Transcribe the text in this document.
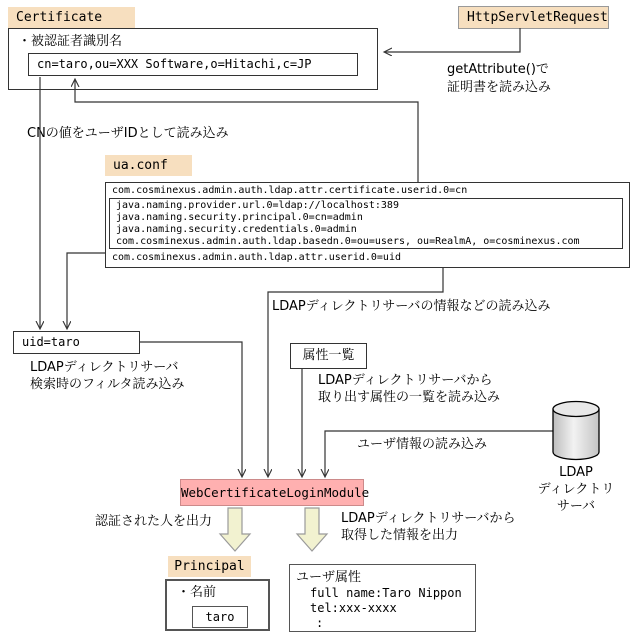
Certificate
・被認証者識別名
cn=taro,ou=XXX Software,o=Hitachi,c=JP
HttpServletRequest
getAttribute()で
証明書を読み込み
CNの値をユーザIDとして読み込み
ua.conf
com.cosminexus.admin.auth.ldap.attr.certificate.userid.0=cn
java.naming.provider.url.0=ldap://localhost:389
java.naming.security.principal.0=cn=admin
java.naming.security.credentials.0=admin
com.cosminexus.admin.auth.ldap.basedn.0=ou=users, ou=RealmA, o=cosminexus.com
com.cosminexus.admin.auth.ldap.attr.userid.0=uid
uid=taro
LDAPディレクトリサーバ
検索時のフィルタ読み込み
LDAPディレクトリサーバの情報などの読み込み
属性一覧
LDAPディレクトリサーバから
取り出す属性の一覧を読み込み
ユーザ情報の読み込み
LDAP
ディレクトリ
サーバ
WebCertificateLoginModule
認証された人を出力	LDAPディレクトリサーバから
取得した情報を出力
Principal
・名前
taro
ユーザ属性
full name:Taro Nippon
tel:xxx-xxxx
:
